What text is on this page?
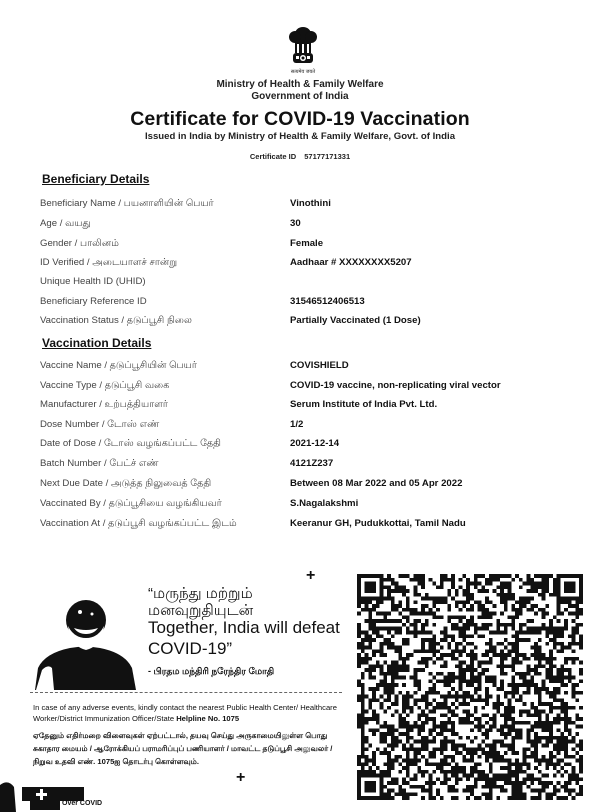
सत्यमेव जयते
Ministry of Health & Family Welfare
Government of India
Certificate for COVID-19 Vaccination
Issued in India by Ministry of Health & Family Welfare, Govt. of India
Certificate ID 57177171331
Beneficiary Details
Beneficiary Name / பயனாளியின் பெயர்	Vinothini
Age / வயது	30
Gender / பாலினம்	Female
ID Verified / அடையாளச் சான்று	Aadhaar # XXXXXXXX5207
Unique Health ID (UHID)
Beneficiary Reference ID	31546512406513
Vaccination Status / தடுப்பூசி நிலை	Partially Vaccinated (1 Dose)
Vaccination Details
Vaccine Name / தடுப்பூசியின் பெயர்	COVISHIELD
Vaccine Type / தடுப்பூசி வகை	COVID-19 vaccine, non-replicating viral vector
Manufacturer / உற்பத்தியாளர்	Serum Institute of India Pvt. Ltd.
Dose Number / டோஸ் எண்	1/2
Date of Dose / டோஸ் வழங்கப்பட்ட தேதி	2021-12-14
Batch Number / பேட்ச் எண்	4121Z237
Next Due Date / அடுத்த நிலுவைத் தேதி	Between 08 Mar 2022 and 05 Apr 2022
Vaccinated By / தடுப்பூசியை வழங்கியவர்	S.Nagalakshmi
Vaccination At / தடுப்பூசி வழங்கப்பட்ட இடம்	Keeranur GH, Pudukkottai, Tamil Nadu
+
“மருந்து மற்றும்
மனவுறுதியுடன்
Together, India will defeat
COVID-19”
- பிரதம மந்திரி நரேந்திர மோதி
In case of any adverse events, kindly contact the nearest Public Health Center/ Healthcare Worker/District Immunization Officer/State Helpline No. 1075
ஏதேனும் எதிர்மறை விளைவுகள் ஏற்பட்டால், தயவு செய்து அருகாமையிலுள்ள பொது சுகாதார மையம் / ஆரோக்கியப் பராமரிப்புப் பணியாளர் / மாவட்ட தடுப்பூசி அலுவலர் / நிறுவ உதவி எண். 1075ஐ தொடர்பு கொள்ளவும்.
+
Over COVID
